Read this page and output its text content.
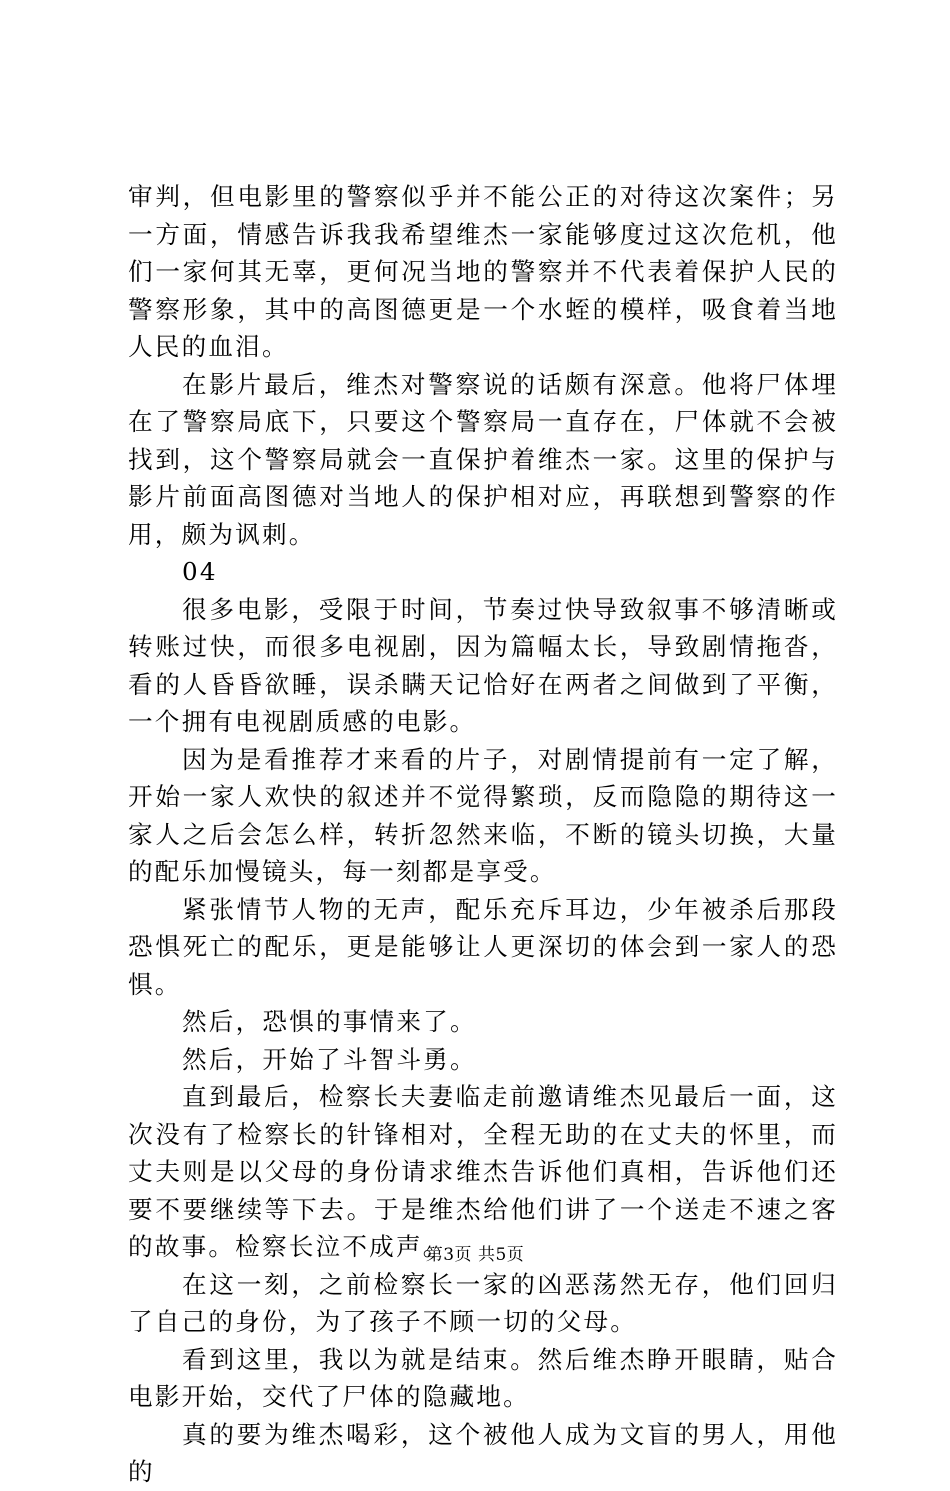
审判，但电影里的警察似乎并不能公正的对待这次案件；另一方面，情感告诉我我希望维杰一家能够度过这次危机，他们一家何其无辜，更何况当地的警察并不代表着保护人民的警察形象，其中的高图德更是一个水蛭的模样，吸食着当地人民的血泪。

在影片最后，维杰对警察说的话颇有深意。他将尸体埋在了警察局底下，只要这个警察局一直存在，尸体就不会被找到，这个警察局就会一直保护着维杰一家。这里的保护与影片前面高图德对当地人的保护相对应，再联想到警察的作用，颇为讽刺。

04

很多电影，受限于时间，节奏过快导致叙事不够清晰或转账过快，而很多电视剧，因为篇幅太长，导致剧情拖沓，看的人昏昏欲睡，误杀瞒天记恰好在两者之间做到了平衡，一个拥有电视剧质感的电影。

因为是看推荐才来看的片子，对剧情提前有一定了解，开始一家人欢快的叙述并不觉得繁琐，反而隐隐的期待这一家人之后会怎么样，转折忽然来临，不断的镜头切换，大量的配乐加慢镜头，每一刻都是享受。

紧张情节人物的无声，配乐充斥耳边，少年被杀后那段恐惧死亡的配乐，更是能够让人更深切的体会到一家人的恐惧。

然后，恐惧的事情来了。

然后，开始了斗智斗勇。

直到最后，检察长夫妻临走前邀请维杰见最后一面，这次没有了检察长的针锋相对，全程无助的在丈夫的怀里，而丈夫则是以父母的身份请求维杰告诉他们真相，告诉他们还要不要继续等下去。于是维杰给他们讲了一个送走不速之客的故事。检察长泣不成声。

在这一刻，之前检察长一家的凶恶荡然无存，他们回归了自己的身份，为了孩子不顾一切的父母。

看到这里，我以为就是结束。然后维杰睁开眼睛，贴合电影开始，交代了尸体的隐藏地。

真的要为维杰喝彩，这个被他人成为文盲的男人，用他的

第3页 共5页
